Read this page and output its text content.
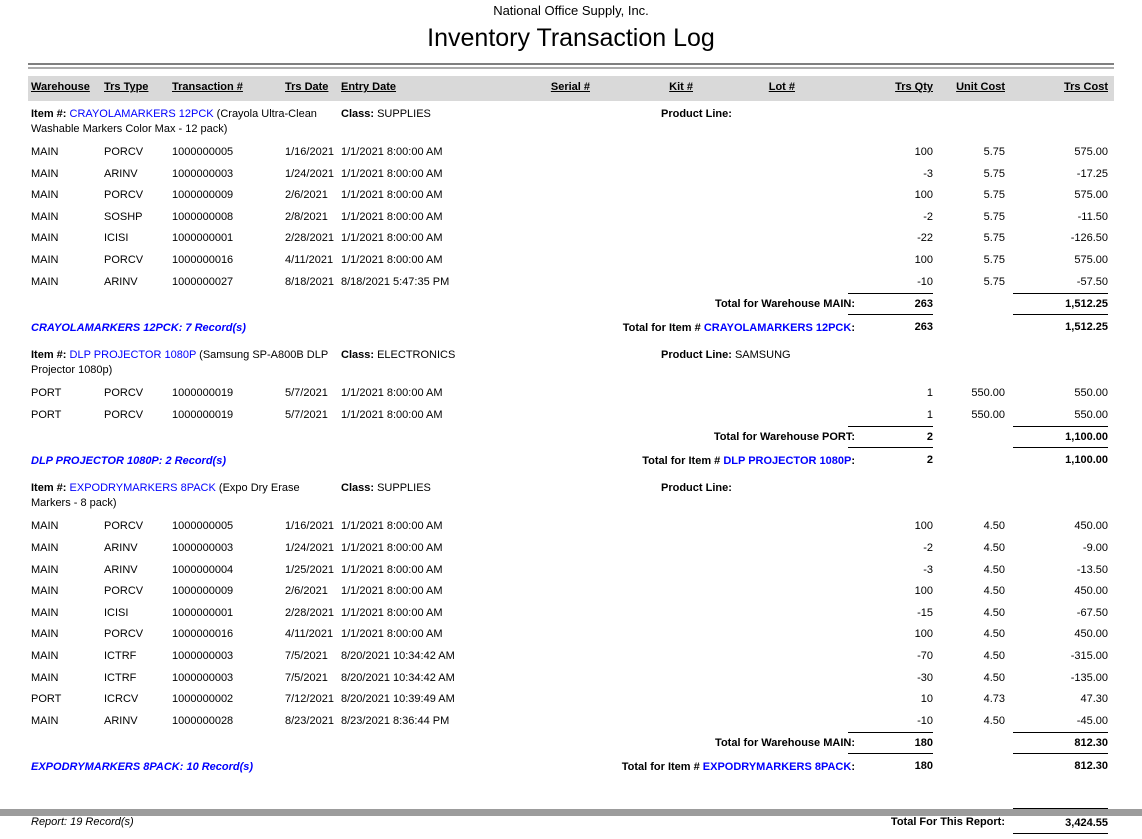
National Office Supply, Inc.
Inventory Transaction Log
Warehouse	Trs Type	Transaction #	Trs Date	Entry Date	Serial #	Kit #	Lot #	Trs Qty	Unit Cost	Trs Cost
Item #: CRAYOLAMARKERS 12PCK (Crayola Ultra-Clean Washable Markers Color Max - 12 pack)
Class: SUPPLIES	Product Line:
MAIN	PORCV	1000000005	1/16/2021 1/1/2021 8:00:00 AM	100	5.75	575.00
MAIN	ARINV	1000000003	1/24/2021 1/1/2021 8:00:00 AM	-3	5.75	-17.25
MAIN	PORCV	1000000009	2/6/2021	1/1/2021 8:00:00 AM	100	5.75	575.00
MAIN	SOSHP	1000000008	2/8/2021	1/1/2021 8:00:00 AM	-2	5.75	-11.50
MAIN	ICISI	1000000001	2/28/2021 1/1/2021 8:00:00 AM	-22	5.75	-126.50
MAIN	PORCV	1000000016	4/11/2021 1/1/2021 8:00:00 AM	100	5.75	575.00
MAIN	ARINV	1000000027	8/18/2021 8/18/2021 5:47:35 PM	-10	5.75	-57.50
Total for Warehouse MAIN:	263	1,512.25
CRAYOLAMARKERS 12PCK: 7 Record(s)	Total for Item # CRAYOLAMARKERS 12PCK:	263	1,512.25
Item #: DLP PROJECTOR 1080P (Samsung SP-A800B DLP Projector 1080p)
Class: ELECTRONICS	Product Line: SAMSUNG
PORT	PORCV	1000000019	5/7/2021	1/1/2021 8:00:00 AM	1	550.00	550.00
PORT	PORCV	1000000019	5/7/2021	1/1/2021 8:00:00 AM	1	550.00	550.00
Total for Warehouse PORT:	2	1,100.00
DLP PROJECTOR 1080P: 2 Record(s)	Total for Item # DLP PROJECTOR 1080P:	2	1,100.00
Item #: EXPODRYMARKERS 8PACK (Expo Dry Erase Markers - 8 pack)
Class: SUPPLIES	Product Line:
MAIN	PORCV	1000000005	1/16/2021 1/1/2021 8:00:00 AM	100	4.50	450.00
MAIN	ARINV	1000000003	1/24/2021 1/1/2021 8:00:00 AM	-2	4.50	-9.00
MAIN	ARINV	1000000004	1/25/2021 1/1/2021 8:00:00 AM	-3	4.50	-13.50
MAIN	PORCV	1000000009	2/6/2021	1/1/2021 8:00:00 AM	100	4.50	450.00
MAIN	ICISI	1000000001	2/28/2021 1/1/2021 8:00:00 AM	-15	4.50	-67.50
MAIN	PORCV	1000000016	4/11/2021 1/1/2021 8:00:00 AM	100	4.50	450.00
MAIN	ICTRF	1000000003	7/5/2021	8/20/2021 10:34:42 AM	-70	4.50	-315.00
MAIN	ICTRF	1000000003	7/5/2021	8/20/2021 10:34:42 AM	-30	4.50	-135.00
PORT	ICRCV	1000000002	7/12/2021 8/20/2021 10:39:49 AM	10	4.73	47.30
MAIN	ARINV	1000000028	8/23/2021 8/23/2021 8:36:44 PM	-10	4.50	-45.00
Total for Warehouse MAIN:	180	812.30
EXPODRYMARKERS 8PACK: 10 Record(s)	Total for Item # EXPODRYMARKERS 8PACK:	180	812.30
Report: 19 Record(s)	Total For This Report:	3,424.55
